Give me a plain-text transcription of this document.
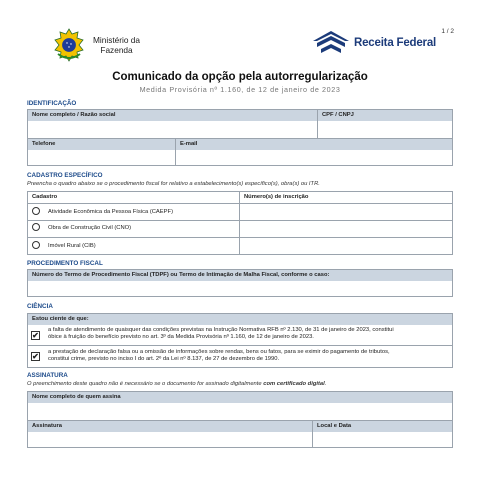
1 / 2
Ministério da
Fazenda
Receita Federal
Comunicado da opção pela autorregularização
Medida Provisória nº 1.160, de 12 de janeiro de 2023
IDENTIFICAÇÃO
Nome completo / Razão social	CPF / CNPJ
Telefone	E-mail
CADASTRO ESPECÍFICO
Preencha o quadro abaixo se o procedimento fiscal for relativo a estabelecimento(s) específico(s), obra(s) ou ITR.
Cadastro	Número(s) de inscrição
Atividade Econômica da Pessoa Física (CAEPF)
Obra de Construção Civil (CNO)
Imóvel Rural (CIB)
PROCEDIMENTO FISCAL
Número do Termo de Procedimento Fiscal (TDPF) ou Termo de Intimação de Malha Fiscal, conforme o caso:
CIÊNCIA
Estou ciente de que:
✔
a falta de atendimento de quaisquer das condições previstas na Instrução Normativa RFB nº 2.130, de 31 de janeiro de 2023, constitui
óbice à fruição do benefício previsto no art. 3º da Medida Provisória nº 1.160, de 12 de janeiro de 2023.
✔ a prestação de declaração falsa ou a omissão de informações sobre rendas, bens ou fatos, para se eximir do pagamento de tributos,
constitui crime, previsto no inciso I do art. 2º da Lei nº 8.137, de 27 de dezembro de 1990.
ASSINATURA
O preenchimento deste quadro não é necessário se o documento for assinado digitalmente com certificado digital.
Nome completo de quem assina
Assinatura	Local e Data
